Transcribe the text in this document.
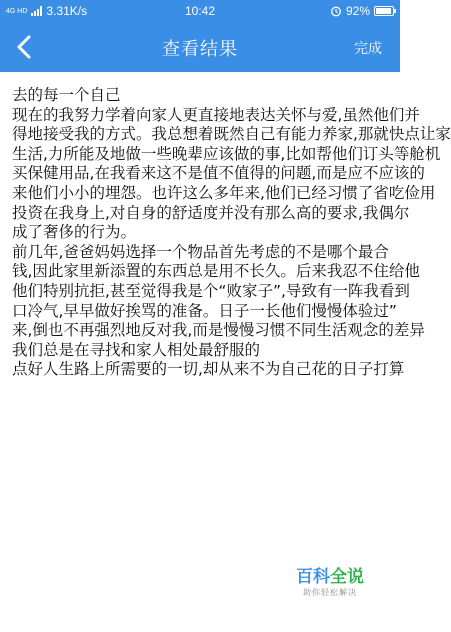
4G HD 3.31K/s	10:42	92%
查看结果	完成
去的每一个自己
现在的我努力学着向家人更直接地表达关怀与爱,虽然他们并
得地接受我的方式。我总想着既然自己有能力养家,那就快点让家
生活,力所能及地做一些晚辈应该做的事,比如帮他们订头等舱机
买保健用品,在我看来这不是值不值得的问题,而是应不应该的
来他们小小的埋怨。也许这么多年来,他们已经习惯了省吃俭用
投资在我身上,对自身的舒适度并没有那么高的要求,我偶尔
成了奢侈的行为。
前几年,爸爸妈妈选择一个物品首先考虑的不是哪个最合
钱,因此家里新添置的东西总是用不长久。后来我忍不住给他
他们特别抗拒,甚至觉得我是个“败家子”,导致有一阵我看到
口冷气,早早做好挨骂的准备。日子一长他们慢慢体验过”
来,倒也不再强烈地反对我,而是慢慢习惯不同生活观念的差异
我们总是在寻找和家人相处最舒服的
点好人生路上所需要的一切,却从来不为自己花的日子打算
百科全说
助你轻松解决
